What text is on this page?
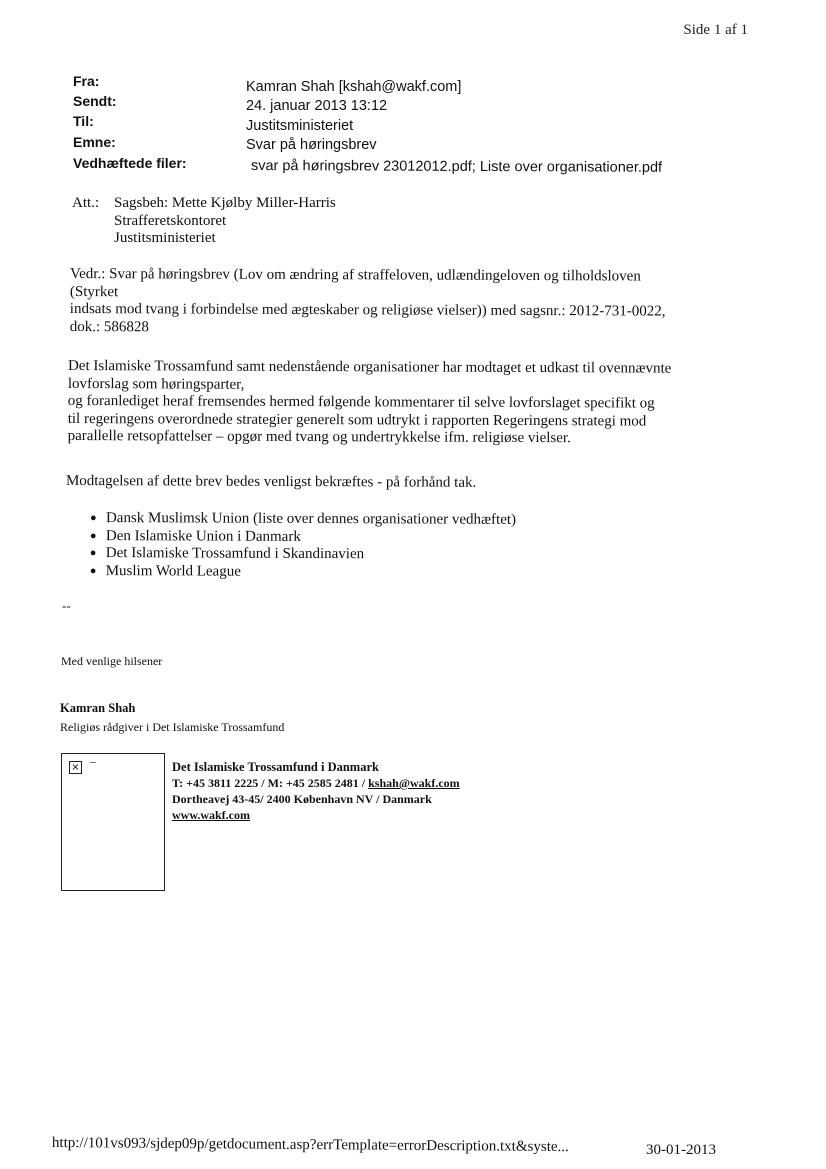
Side 1 af 1
Fra:	Kamran Shah [kshah@wakf.com]
Sendt:	24. januar 2013 13:12
Til:	Justitsministeriet
Emne:	Svar på høringsbrev
Vedhæftede filer:	svar på høringsbrev 23012012.pdf; Liste over organisationer.pdf
Att.: Sagsbeh: Mette Kjølby Miller-Harris
Strafferetskontoret
Justitsministeriet
Vedr.: Svar på høringsbrev (Lov om ændring af straffeloven, udlændingeloven og tilholdsloven
(Styrket
indsats mod tvang i forbindelse med ægteskaber og religiøse vielser)) med sagsnr.: 2012-731-0022,
dok.: 586828
Det Islamiske Trossamfund samt nedenstående organisationer har modtaget et udkast til ovennævnte
lovforslag som høringsparter,
og foranlediget heraf fremsendes hermed følgende kommentarer til selve lovforslaget specifikt og
til regeringens overordnede strategier generelt som udtrykt i rapporten Regeringens strategi mod
parallelle retsopfattelser – opgør med tvang og undertrykkelse ifm. religiøse vielser.
Modtagelsen af dette brev bedes venligst bekræftes - på forhånd tak.
● Dansk Muslimsk Union (liste over dennes organisationer vedhæftet)
● Den Islamiske Union i Danmark
● Det Islamiske Trossamfund i Skandinavien
● Muslim World League
--
Med venlige hilsener
Kamran Shah
Religiøs rådgiver i Det Islamiske Trossamfund
× –	Det Islamiske Trossamfund i Danmark
T: +45 3811 2225 / M: +45 2585 2481 / kshah@wakf.com
Dortheavej 43-45/ 2400 København NV / Danmark
www.wakf.com
http://101vs093/sjdep09p/getdocument.asp?errTemplate=errorDescription.txt&syste...	30-01-2013
